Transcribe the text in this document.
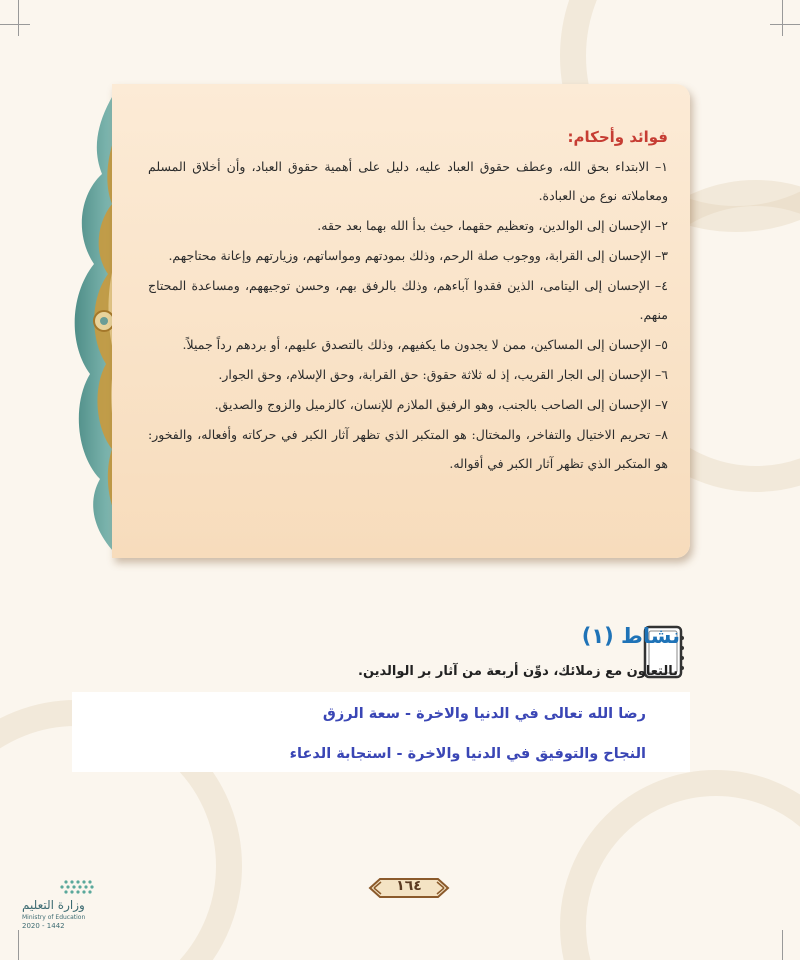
فوائد وأحكام:

١– الابتداء بحق الله، وعطف حقوق العباد عليه، دليل على أهمية حقوق العباد، وأن أخلاق المسلم ومعاملاته نوع من العبادة.

٢– الإحسان إلى الوالدين، وتعظيم حقهما، حيث بدأ الله بهما بعد حقه.

٣– الإحسان إلى القرابة، ووجوب صلة الرحم، وذلك بمودتهم ومواساتهم، وزيارتهم وإعانة محتاجهم.

٤– الإحسان إلى اليتامى، الذين فقدوا آباءهم، وذلك بالرفق بهم، وحسن توجيههم، ومساعدة المحتاج منهم.

٥– الإحسان إلى المساكين، ممن لا يجدون ما يكفيهم، وذلك بالتصدق عليهم، أو بردهم رداً جميلاً.

٦– الإحسان إلى الجار القريب، إذ له ثلاثة حقوق: حق القرابة، وحق الإسلام، وحق الجوار.

٧– الإحسان إلى الصاحب بالجنب، وهو الرفيق الملازم للإنسان، كالزميل والزوج والصديق.

٨– تحريم الاختيال والتفاخر، والمختال: هو المتكبر الذي تظهر آثار الكبر في حركاته وأفعاله، والفخور: هو المتكبر الذي تظهر آثار الكبر في أقواله.

نشاط (١)

بالتعاون مع زملائك، دوِّن أربعة من آثار بر الوالدين.

رضا الله تعالى في الدنيا والاخرة - سعة الرزق

النجاح والتوفيق في الدنيا والاخرة - استجابة الدعاء

١٦٤

وزارة التعليم

Ministry of Education

2020 - 1442
